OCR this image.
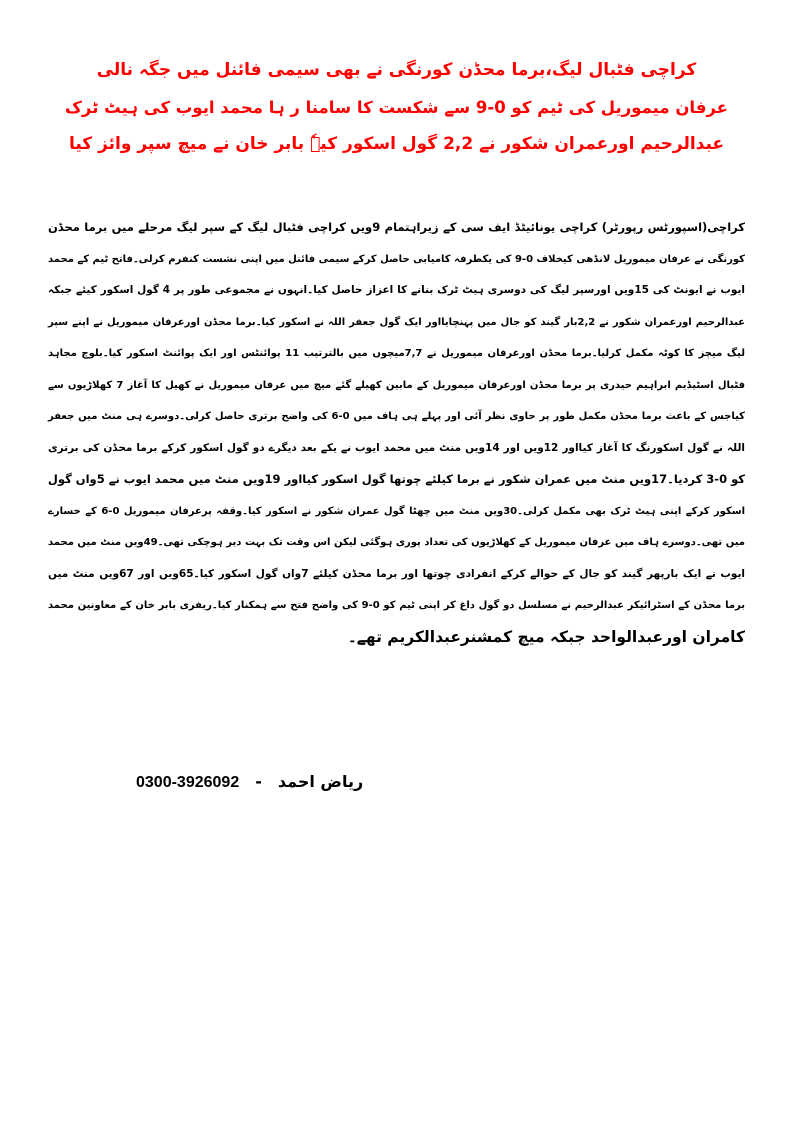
کراچی فٹبال لیگ،برما محڈن کورنگی نے بھی سیمی فائنل میں جگہ نالی
عرفان میموریل کی ٹیم کو 0-9 سے شکست کا سامنا ر ہا محمد ایوب کی ہیٹ ٹرک
عبدالرحیم اورعمران شکور نے 2,2 گول اسکور کیےٗ بابر خان نے میچ سپر وائز کیا
کراچی(اسپورٹس رپورٹر) کراچی یونائیٹڈ ایف سی کے زیراہتمام 9ویں کراچی فٹبال لیگ کے سپر لیگ مرحلے میں برما محڈن
کورنگی نے عرفان میموریل لانڈھی کیخلاف 0-9 کی یکطرفہ کامیابی حاصل کرکے سیمی فائنل میں اپنی نشست کنفرم کرلی۔فاتح ٹیم کے محمد
ایوب نے ایونٹ کی 15ویں اورسپر لیگ کی دوسری ہیٹ ٹرک بنانے کا اعزاز حاصل کیا۔انہوں نے مجموعی طور پر 4 گول اسکور کیئے جبکہ
عبدالرحیم اورعمران شکور نے 2,2بار گیند کو جال میں پہنچایااور ایک گول جعفر اللہ نے اسکور کیا۔برما محڈن اورعرفان میموریل نے اپنے سپر
لیگ میچز کا کوٹہ مکمل کرلیا۔برما محڈن اورعرفان میموریل نے 7,7میچوں میں بالترتیب 11 پوائنٹس اور ایک پوائنٹ اسکور کیا۔بلوچ مجاہد
فٹبال اسٹیڈیم ابراہیم حیدری پر برما محڈن اورعرفان میموریل کے مابین کھیلے گئے میچ میں عرفان میموریل نے کھیل کا آغاز 7 کھلاڑیوں سے
کیاجس کے باعث برما محڈن مکمل طور پر حاوی نظر آئی اور پہلے ہی ہاف میں 0-6 کی واضح برتری حاصل کرلی۔دوسرے ہی منٹ میں جعفر
اللہ نے گول اسکورنگ کا آغاز کیااور 12ویں اور 14ویں منٹ میں محمد ایوب نے یکے بعد دیگرے دو گول اسکور کرکے برما محڈن کی برتری
کو 0-3 کردیا۔17ویں منٹ میں عمران شکور نے برما کیلئے چوتھا گول اسکور کیااور 19ویں منٹ میں محمد ایوب نے 5واں گول
اسکور کرکے اپنی ہیٹ ٹرک بھی مکمل کرلی۔30ویں منٹ میں چھٹا گول عمران شکور نے اسکور کیا۔وقفہ پرعرفان میموریل 0-6 کے خسارے
میں تھی۔دوسرے ہاف میں عرفان میموریل کے کھلاڑیوں کی تعداد پوری ہوگئی لیکن اس وقت تک بہت دیر ہوچکی تھی۔49ویں منٹ میں محمد
ایوب نے ایک بارپھر گیند کو جال کے حوالے کرکے انفرادی چوتھا اور برما محڈن کیلئے 7واں گول اسکور کیا۔65ویں اور 67ویں منٹ میں
برما محڈن کے اسٹرائیکر عبدالرحیم نے مسلسل دو گول داغ کر اپنی ٹیم کو 0-9 کی واضح فتح سے ہمکنار کیا۔ریفری بابر خان کے معاونین محمد
کامران اورعبدالواحد جبکہ میچ کمشنرعبدالکریم تھے۔
ریاض احمد-0300-3926092
